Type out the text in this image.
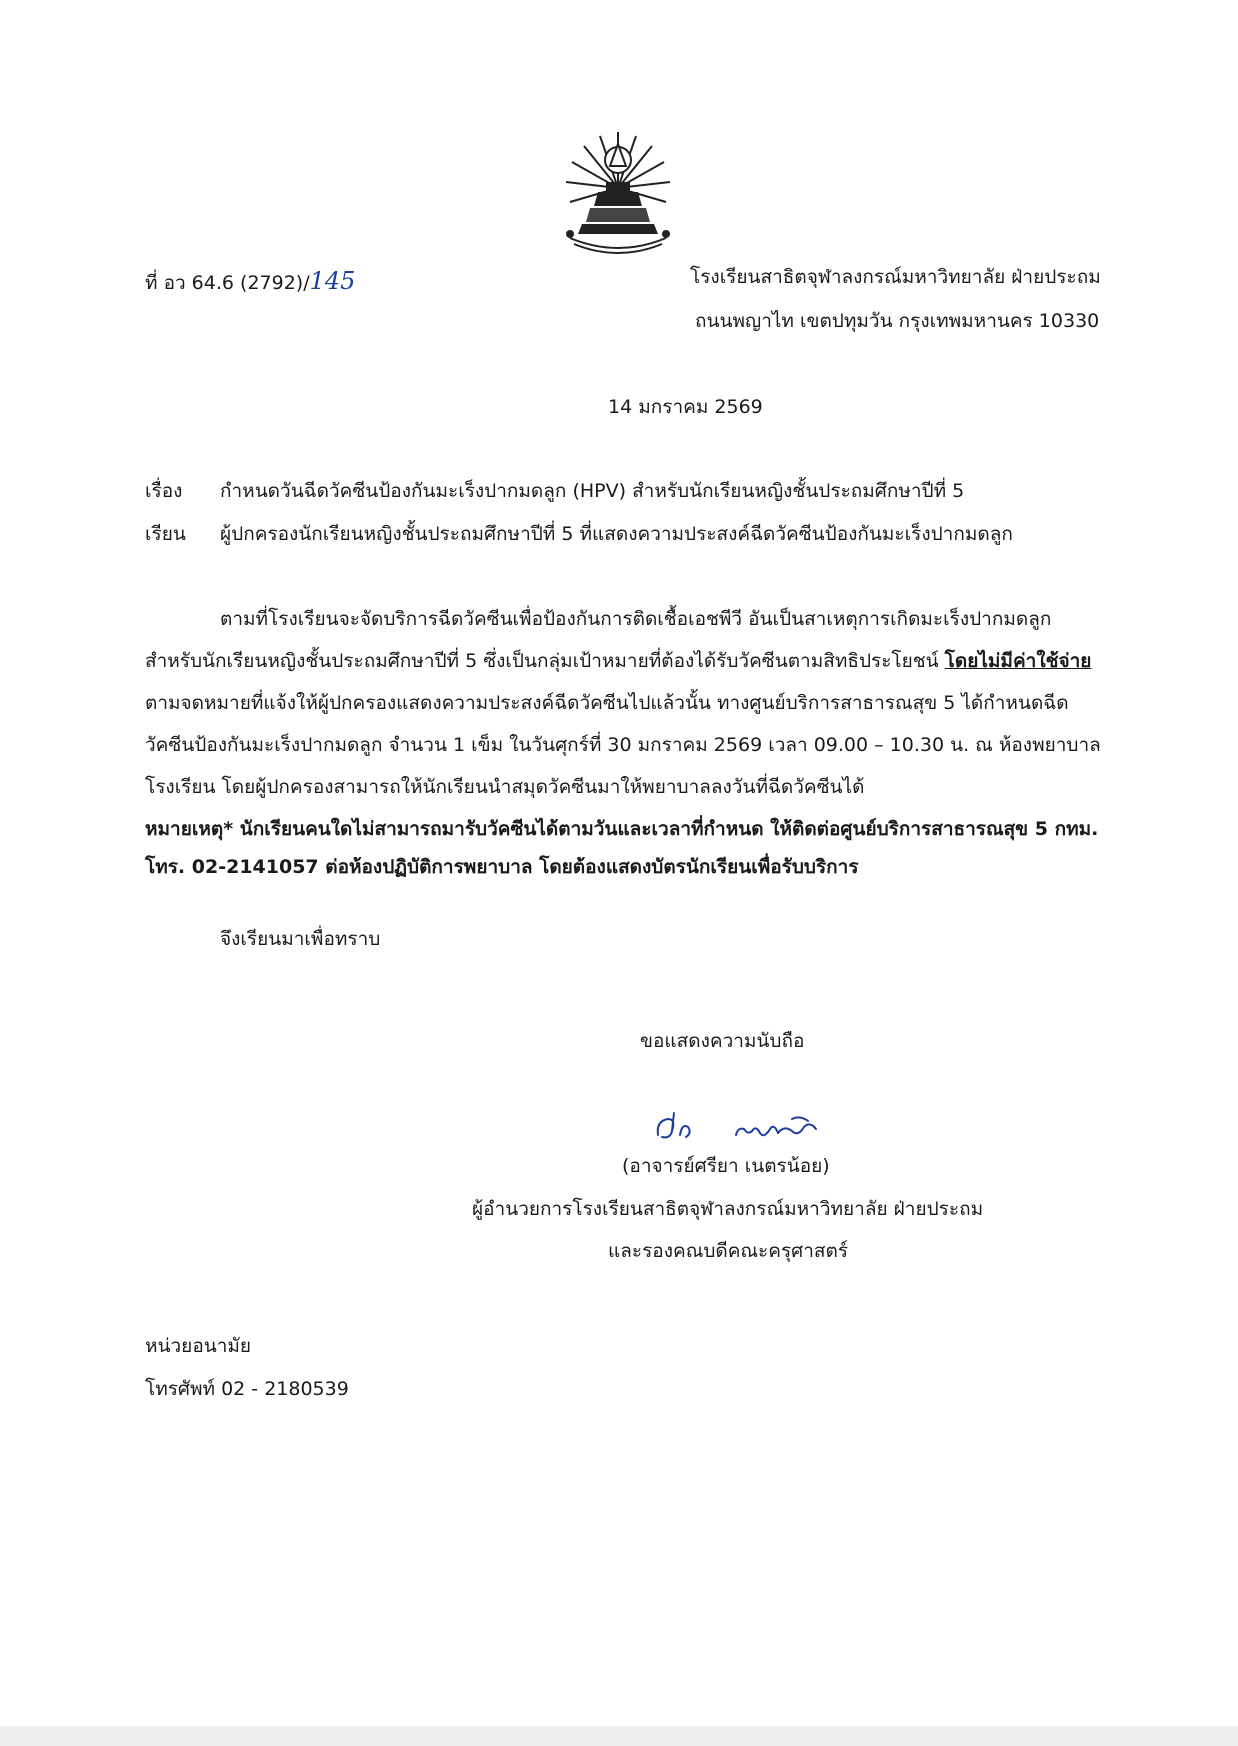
ที่ อว 64.6 (2792)/145	โรงเรียนสาธิตจุฬาลงกรณ์มหาวิทยาลัย ฝ่ายประถม
ถนนพญาไท เขตปทุมวัน กรุงเทพมหานคร 10330
14 มกราคม 2569
เรื่อง กำหนดวันฉีดวัคซีนป้องกันมะเร็งปากมดลูก (HPV) สำหรับนักเรียนหญิงชั้นประถมศึกษาปีที่ 5
เรียน ผู้ปกครองนักเรียนหญิงชั้นประถมศึกษาปีที่ 5 ที่แสดงความประสงค์ฉีดวัคซีนป้องกันมะเร็งปากมดลูก
ตามที่โรงเรียนจะจัดบริการฉีดวัคซีนเพื่อป้องกันการติดเชื้อเอชพีวี อันเป็นสาเหตุการเกิดมะเร็งปากมดลูก
สำหรับนักเรียนหญิงชั้นประถมศึกษาปีที่ 5 ซึ่งเป็นกลุ่มเป้าหมายที่ต้องได้รับวัคซีนตามสิทธิประโยชน์ โดยไม่มีค่าใช้จ่าย
ตามจดหมายที่แจ้งให้ผู้ปกครองแสดงความประสงค์ฉีดวัคซีนไปแล้วนั้น ทางศูนย์บริการสาธารณสุข 5 ได้กำหนดฉีด
วัคซีนป้องกันมะเร็งปากมดลูก จำนวน 1 เข็ม ในวันศุกร์ที่ 30 มกราคม 2569 เวลา 09.00 – 10.30 น. ณ ห้องพยาบาล
โรงเรียน โดยผู้ปกครองสามารถให้นักเรียนนำสมุดวัคซีนมาให้พยาบาลลงวันที่ฉีดวัคซีนได้
หมายเหตุ* นักเรียนคนใดไม่สามารถมารับวัคซีนได้ตามวันและเวลาที่กำหนด ให้ติดต่อศูนย์บริการสาธารณสุข 5 กทม.
โทร. 02-2141057 ต่อห้องปฏิบัติการพยาบาล โดยต้องแสดงบัตรนักเรียนเพื่อรับบริการ
จึงเรียนมาเพื่อทราบ
ขอแสดงความนับถือ
(อาจารย์ศรียา เนตรน้อย)
ผู้อำนวยการโรงเรียนสาธิตจุฬาลงกรณ์มหาวิทยาลัย ฝ่ายประถม
และรองคณบดีคณะครุศาสตร์
หน่วยอนามัย
โทรศัพท์ 02 - 2180539
